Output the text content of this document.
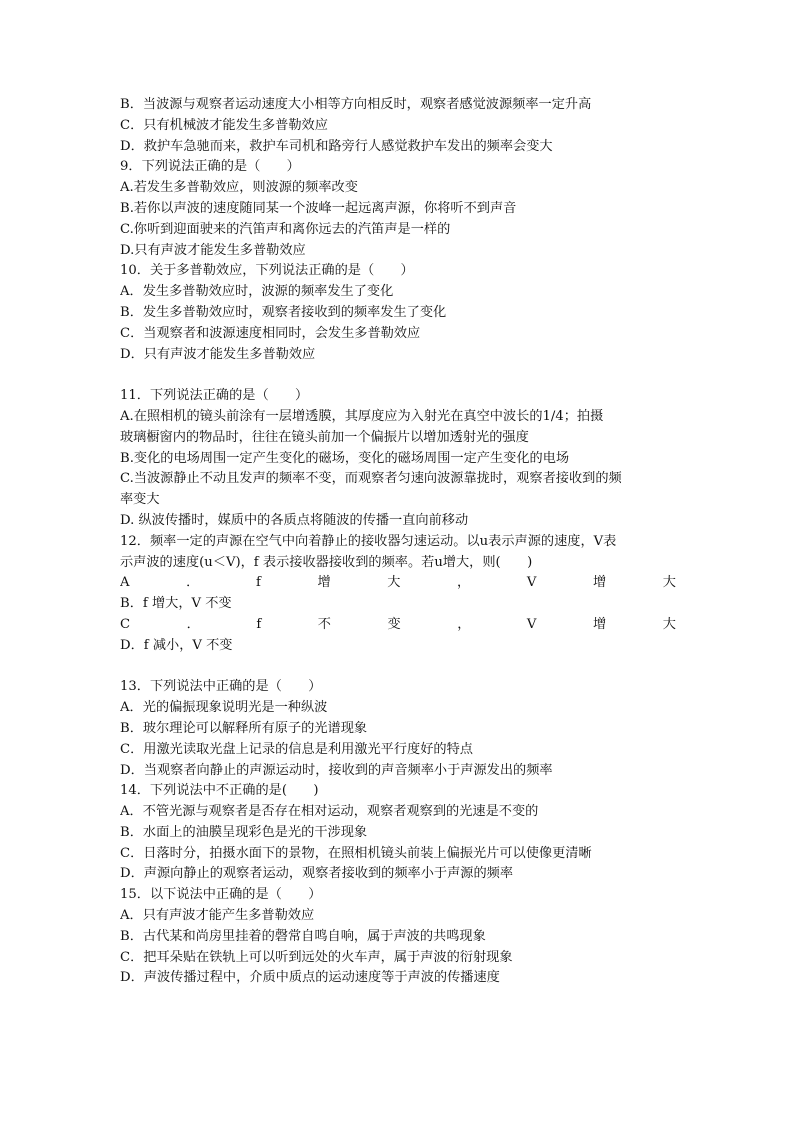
B．当波源与观察者运动速度大小相等方向相反时，观察者感觉波源频率一定升高
C．只有机械波才能发生多普勒效应
D．救护车急驰而来，救护车司机和路旁行人感觉救护车发出的频率会变大
9．下列说法正确的是（　　）
A.若发生多普勒效应，则波源的频率改变
B.若你以声波的速度随同某一个波峰一起远离声源，你将听不到声音
C.你听到迎面驶来的汽笛声和离你远去的汽笛声是一样的
D.只有声波才能发生多普勒效应
10．关于多普勒效应，下列说法正确的是（　　）
A．发生多普勒效应时，波源的频率发生了变化
B．发生多普勒效应时，观察者接收到的频率发生了变化
C．当观察者和波源速度相同时，会发生多普勒效应
D．只有声波才能发生多普勒效应
11．下列说法正确的是（　　）
A.在照相机的镜头前涂有一层增透膜，其厚度应为入射光在真空中波长的1/4；拍摄
玻璃橱窗内的物品时，往往在镜头前加一个偏振片以增加透射光的强度
B.变化的电场周围一定产生变化的磁场，变化的磁场周围一定产生变化的电场
C.当波源静止不动且发声的频率不变，而观察者匀速向波源靠拢时，观察者接收到的频
率变大
D. 纵波传播时，媒质中的各质点将随波的传播一直向前移动
12．频率一定的声源在空气中向着静止的接收器匀速运动。以u表示声源的速度，V表
示声波的速度(u＜V)，f 表示接收器接收到的频率。若u增大，则(　　)
A	．	f	增	大	，	V	增	大
B．f 增大，V 不变
C	．	f	不	变	，	V	增	大
D．f 减小，V 不变
13．下列说法中正确的是（　　）
A．光的偏振现象说明光是一种纵波
B．玻尔理论可以解释所有原子的光谱现象
C．用激光读取光盘上记录的信息是利用激光平行度好的特点
D．当观察者向静止的声源运动时，接收到的声音频率小于声源发出的频率
14．下列说法中不正确的是(　　)
A．不管光源与观察者是否存在相对运动，观察者观察到的光速是不变的
B．水面上的油膜呈现彩色是光的干涉现象
C．日落时分，拍摄水面下的景物，在照相机镜头前装上偏振光片可以使像更清晰
D．声源向静止的观察者运动，观察者接收到的频率小于声源的频率
15．以下说法中正确的是（　　）
A．只有声波才能产生多普勒效应
B．古代某和尚房里挂着的磬常自鸣自响，属于声波的共鸣现象
C．把耳朵贴在铁轨上可以听到远处的火车声，属于声波的衍射现象
D．声波传播过程中，介质中质点的运动速度等于声波的传播速度
